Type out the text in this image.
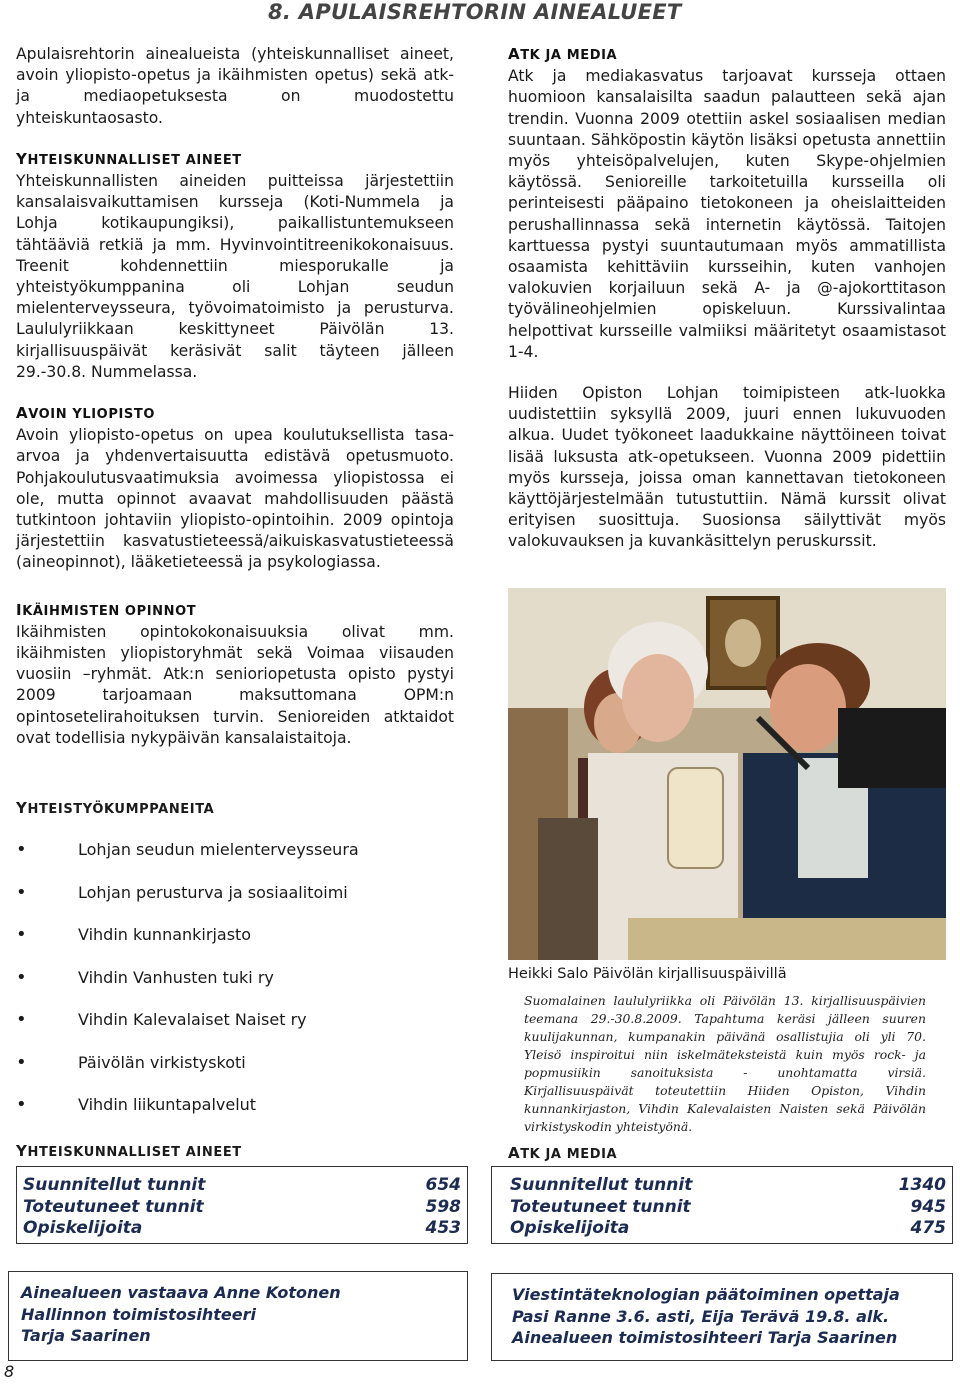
8. APULAISREHTORIN AINEALUEET

Apulaisrehtorin ainealueista (yhteiskunnalliset aineet, avoin yliopisto-opetus ja ikäihmisten opetus) sekä atk- ja mediaopetuksesta on muodostettu yhteiskuntaosasto.

YHTEISKUNNALLISET AINEET

Yhteiskunnallisten aineiden puitteissa järjestettiin kansalaisvaikuttamisen kursseja (Koti-Nummela ja Lohja kotikaupungiksi), paikallistuntemukseen tähtääviä retkiä ja mm. Hyvinvointitreenikokonaisuus. Treenit kohdennettiin miesporukalle ja yhteistyökumppanina oli Lohjan seudun mielenterveysseura, työvoimatoimisto ja perusturva. Laululyriikkaan keskittyneet Päivölän 13. kirjallisuuspäivät keräsivät salit täyteen jälleen 29.-30.8. Nummelassa.

AVOIN YLIOPISTO

Avoin yliopisto-opetus on upea koulutuksellista tasa-arvoa ja yhdenvertaisuutta edistävä opetusmuoto. Pohjakoulutusvaatimuksia avoimessa yliopistossa ei ole, mutta opinnot avaavat mahdollisuuden päästä tutkintoon johtaviin yliopisto-opintoihin. 2009 opintoja järjestettiin kasvatustieteessä/aikuiskasvatustieteessä (aineopinnot), lääketieteessä ja psykologiassa.

IKÄIHMISTEN OPINNOT

Ikäihmisten opintokokonaisuuksia olivat mm. ikäihmisten yliopistoryhmät sekä Voimaa viisauden vuosiin –ryhmät. Atk:n senioriopetusta opisto pystyi 2009 tarjoamaan maksuttomana OPM:n opintosetelirahoituksen turvin. Senioreiden atktaidot ovat todellisia nykypäivän kansalaistaitoja.

YHTEISTYÖKUMPPANEITA
• Lohjan seudun mielenterveysseura
• Lohjan perusturva ja sosiaalitoimi
• Vihdin kunnankirjasto
• Vihdin Vanhusten tuki ry
• Vihdin Kalevalaiset Naiset ry
• Päivölän virkistyskoti
• Vihdin liikuntapalvelut
ATK JA MEDIA

Atk ja mediakasvatus tarjoavat kursseja ottaen huomioon kansalaisilta saadun palautteen sekä ajan trendin. Vuonna 2009 otettiin askel sosiaalisen median suuntaan. Sähköpostin käytön lisäksi opetusta annettiin myös yhteisöpalvelujen, kuten Skype-ohjelmien käytössä. Senioreille tarkoitetuilla kursseilla oli perinteisesti pääpaino tietokoneen ja oheislaitteiden perushallinnassa sekä internetin käytössä. Taitojen karttuessa pystyi suuntautumaan myös ammatillista osaamista kehittäviin kursseihin, kuten vanhojen valokuvien korjailuun sekä A- ja @-ajokorttitason työvälineohjelmien opiskeluun. Kurssivalintaa helpottivat kursseille valmiiksi määritetyt osaamistasot 1-4.

Hiiden Opiston Lohjan toimipisteen atk-luokka uudistettiin syksyllä 2009, juuri ennen lukuvuoden alkua. Uudet työkoneet laadukkaine näyttöineen toivat lisää luksusta atk-opetukseen. Vuonna 2009 pidettiin myös kursseja, joissa oman kannettavan tietokoneen käyttöjärjestelmään tutustuttiin. Nämä kurssit olivat erityisen suosittuja. Suosionsa säilyttivät myös valokuvauksen ja kuvankäsittelyn peruskurssit.

Heikki Salo Päivölän kirjallisuuspäivillä
Suomalainen laululyriikka oli Päivölän 13. kirjallisuuspäivien teemana 29.-30.8.2009. Tapahtuma keräsi jälleen suuren kuulijakunnan, kumpanakin päivänä osallistujia oli yli 70. Yleisö inspiroitui niin iskelmäteksteistä kuin myös rock- ja popmusiikin sanoituksista - unohtamatta virsiä. Kirjallisuuspäivät toteutettiin Hiiden Opiston, Vihdin kunnankirjaston, Vihdin Kalevalaisten Naisten sekä Päivölän virkistyskodin yhteistyönä.
YHTEISKUNNALLISET AINEET
Suunnitellut tunnit	654
Toteutuneet tunnit	598
Opiskelijoita	453
ATK JA MEDIA
Suunnitellut tunnit	1340
Toteutuneet tunnit	945
Opiskelijoita	475
Ainealueen vastaava Anne Kotonen
Hallinnon toimistosihteeri
Tarja Saarinen
Viestintäteknologian päätoiminen opettaja
Pasi Ranne 3.6. asti, Eija Terävä 19.8. alk.
Ainealueen toimistosihteeri Tarja Saarinen
8
